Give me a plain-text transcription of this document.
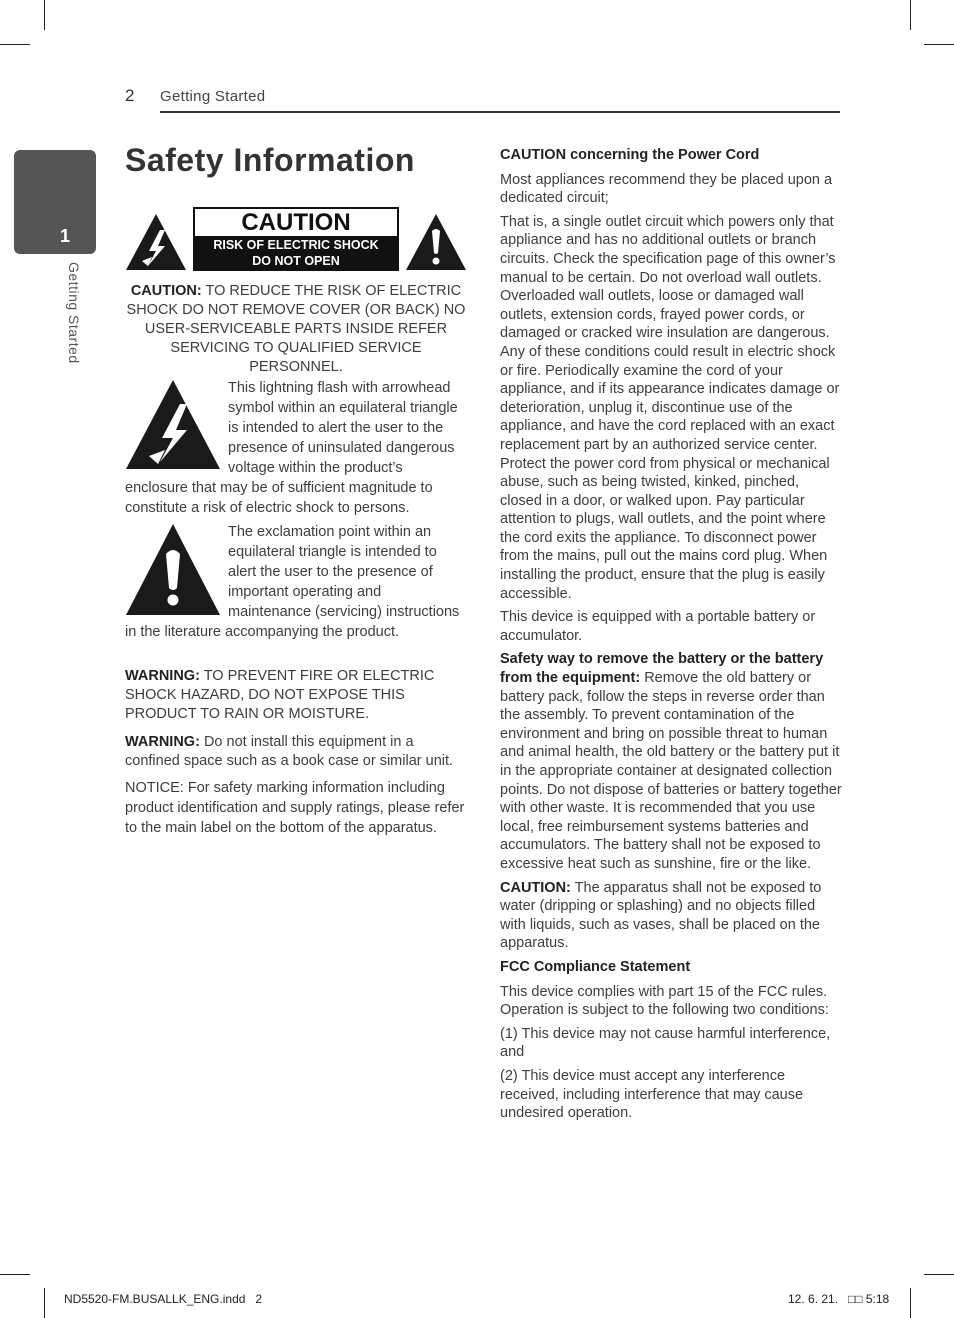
2 Getting Started
1
Getting Started
Safety Information
CAUTION
RISK OF ELECTRIC SHOCK
DO NOT OPEN

CAUTION: TO REDUCE THE RISK OF ELECTRIC SHOCK DO NOT REMOVE COVER (OR BACK) NO USER-SERVICEABLE PARTS INSIDE REFER SERVICING TO QUALIFIED SERVICE PERSONNEL.

This lightning flash with arrowhead symbol within an equilateral triangle is intended to alert the user to the presence of uninsulated dangerous voltage within the product’s enclosure that may be of sufficient magnitude to constitute a risk of electric shock to persons.

The exclamation point within an equilateral triangle is intended to alert the user to the presence of important operating and maintenance (servicing) instructions in the literature accompanying the product.

WARNING: TO PREVENT FIRE OR ELECTRIC SHOCK HAZARD, DO NOT EXPOSE THIS PRODUCT TO RAIN OR MOISTURE.

WARNING: Do not install this equipment in a confined space such as a book case or similar unit.

NOTICE: For safety marking information including product identification and supply ratings, please refer to the main label on the bottom of the apparatus.

CAUTION concerning the Power Cord

Most appliances recommend they be placed upon a dedicated circuit;

That is, a single outlet circuit which powers only that appliance and has no additional outlets or branch circuits. Check the specification page of this owner’s manual to be certain. Do not overload wall outlets. Overloaded wall outlets, loose or damaged wall outlets, extension cords, frayed power cords, or damaged or cracked wire insulation are dangerous. Any of these conditions could result in electric shock or fire. Periodically examine the cord of your appliance, and if its appearance indicates damage or deterioration, unplug it, discontinue use of the appliance, and have the cord replaced with an exact replacement part by an authorized service center. Protect the power cord from physical or mechanical abuse, such as being twisted, kinked, pinched, closed in a door, or walked upon. Pay particular attention to plugs, wall outlets, and the point where the cord exits the appliance. To disconnect power from the mains, pull out the mains cord plug. When installing the product, ensure that the plug is easily accessible.

This device is equipped with a portable battery or accumulator.

Safety way to remove the battery or the battery from the equipment: Remove the old battery or battery pack, follow the steps in reverse order than the assembly. To prevent contamination of the environment and bring on possible threat to human and animal health, the old battery or the battery put it in the appropriate container at designated collection points. Do not dispose of batteries or battery together with other waste. It is recommended that you use local, free reimbursement systems batteries and accumulators. The battery shall not be exposed to excessive heat such as sunshine, fire or the like.

CAUTION: The apparatus shall not be exposed to water (dripping or splashing) and no objects filled with liquids, such as vases, shall be placed on the apparatus.

FCC Compliance Statement

This device complies with part 15 of the FCC rules. Operation is subject to the following two conditions:

(1) This device may not cause harmful interference, and

(2) This device must accept any interference received, including interference that may cause undesired operation.

ND5520-FM.BUSALLK_ENG.indd   2	12. 6. 21.   □□ 5:18
